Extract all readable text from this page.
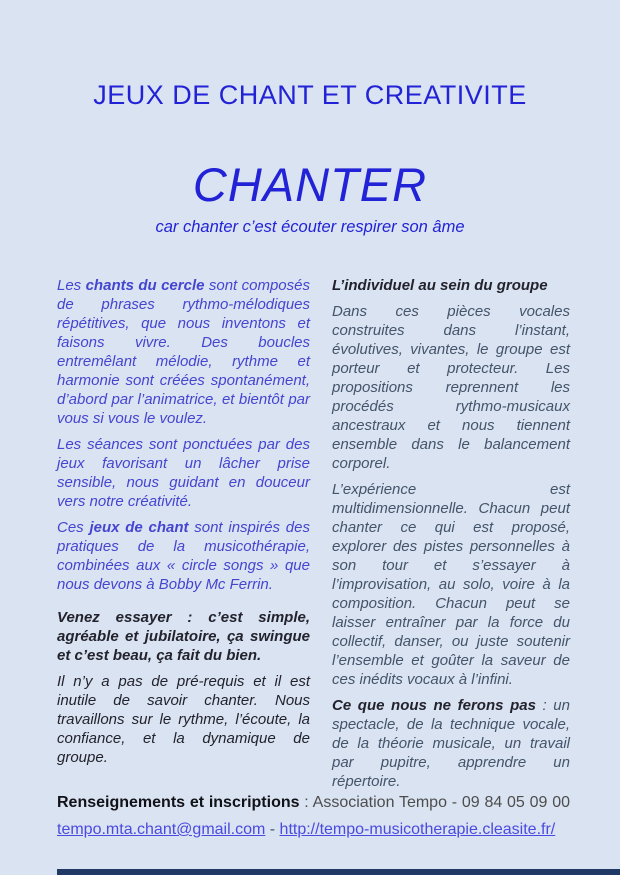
JEUX DE CHANT ET CREATIVITE
CHANTER
car chanter c’est écouter respirer son âme

Les chants du cercle sont composés de phrases rythmo-mélodiques répétitives, que nous inventons et faisons vivre. Des boucles entremêlant mélodie, rythme et harmonie sont créées spontanément, d’abord par l’animatrice, et bientôt par vous si vous le voulez.

Les séances sont ponctuées par des jeux favorisant un lâcher prise sensible, nous guidant en douceur vers notre créativité.

Ces jeux de chant sont inspirés des pratiques de la musicothérapie, combinées aux « circle songs » que nous devons à Bobby Mc Ferrin.

Venez essayer : c’est simple, agréable et jubilatoire, ça swingue et c’est beau, ça fait du bien.

Il n’y a pas de pré-requis et il est inutile de savoir chanter. Nous travaillons sur le rythme, l’écoute, la confiance, et la dynamique de groupe.

L’individuel au sein du groupe

Dans ces pièces vocales construites dans l’instant, évolutives, vivantes, le groupe est porteur et protecteur. Les propositions reprennent les procédés rythmo-musicaux ancestraux et nous tiennent ensemble dans le balancement corporel.

L’expérience est multidimensionnelle. Chacun peut chanter ce qui est proposé, explorer des pistes personnelles à son tour et s’essayer à l’improvisation, au solo, voire à la composition. Chacun peut se laisser entraîner par la force du collectif, danser, ou juste soutenir l’ensemble et goûter la saveur de ces inédits vocaux à l’infini.

Ce que nous ne ferons pas : un spectacle, de la technique vocale, de la théorie musicale, un travail par pupitre, apprendre un répertoire.

Renseignements et inscriptions : Association Tempo - 09 84 05 09 00
tempo.mta.chant@gmail.com - http://tempo-musicotherapie.cleasite.fr/
